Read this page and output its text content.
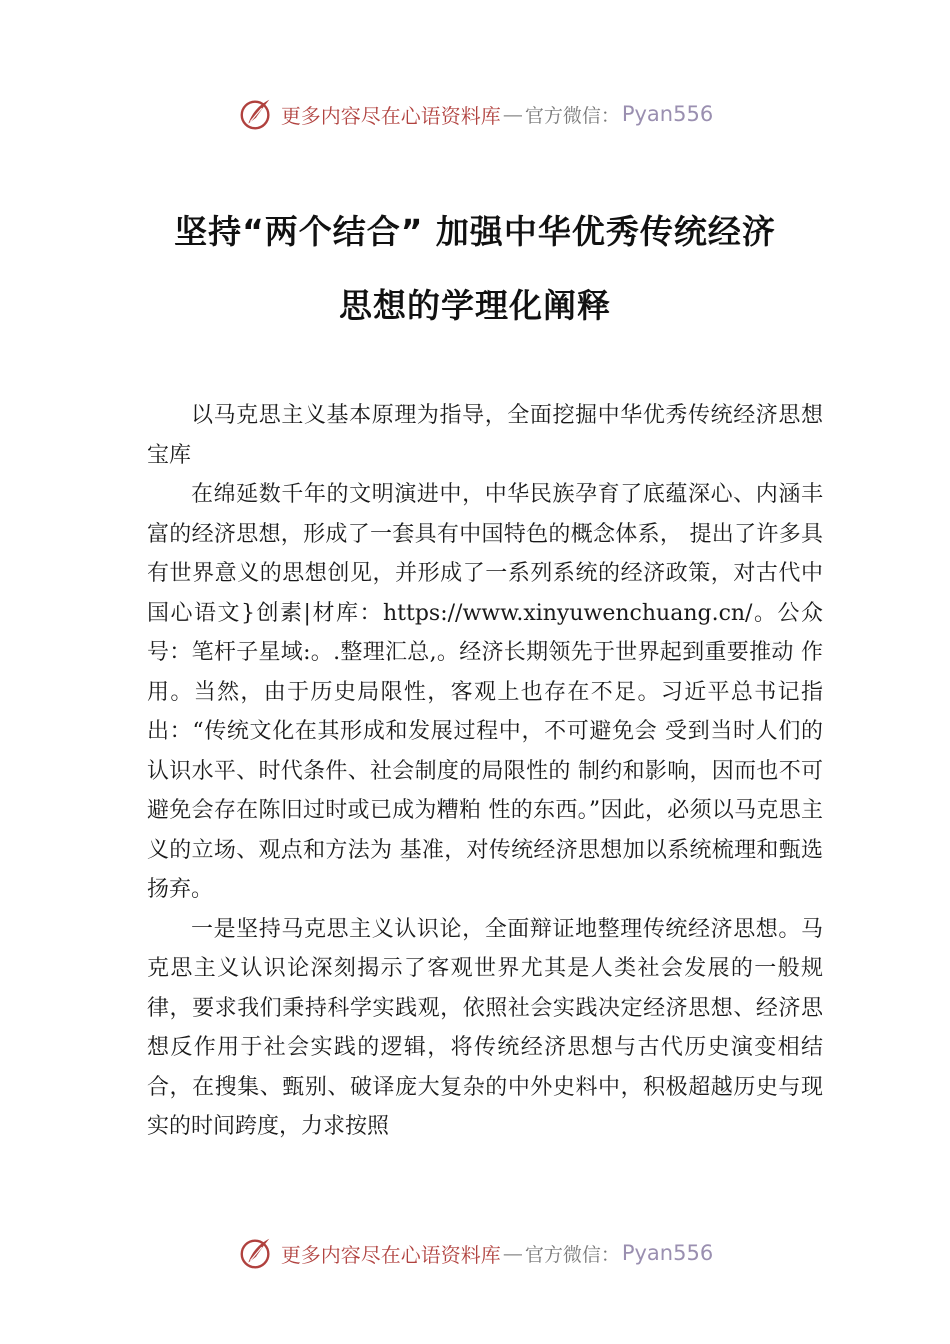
更多内容尽在心语资料库 — 官方微信： Pyan556
坚持“两个结合” 加强中华优秀传统经济
思想的学理化阐释

以马克思主义基本原理为指导，全面挖掘中华优秀传统经济思想宝库

在绵延数千年的文明演进中，中华民族孕育了底蕴深心、内涵丰富的经济思想，形成了一套具有中国特色的概念体系， 提出了许多具有世界意义的思想创见，并形成了一系列系统的经济政策，对古代中国心语文}创素|材库：https://www.xinyuwenchuang.cn/。公众号：笔杆子星域:。.整理汇总,。经济长期领先于世界起到重要推动 作用。当然，由于历史局限性，客观上也存在不足。习近平总书记指出：“传统文化在其形成和发展过程中，不可避免会 受到当时人们的认识水平、时代条件、社会制度的局限性的 制约和影响，因而也不可避免会存在陈旧过时或已成为糟粕 性的东西。”因此，必须以马克思主义的立场、观点和方法为 基准，对传统经济思想加以系统梳理和甄选扬弃。

一是坚持马克思主义认识论，全面辩证地整理传统经济思想。马克思主义认识论深刻揭示了客观世界尤其是人类社会发展的一般规律，要求我们秉持科学实践观，依照社会实践决定经济思想、经济思想反作用于社会实践的逻辑，将传统经济思想与古代历史演变相结合，在搜集、甄别、破译庞大复杂的中外史料中，积极超越历史与现实的时间跨度，力求按照

更多内容尽在心语资料库 — 官方微信： Pyan556
